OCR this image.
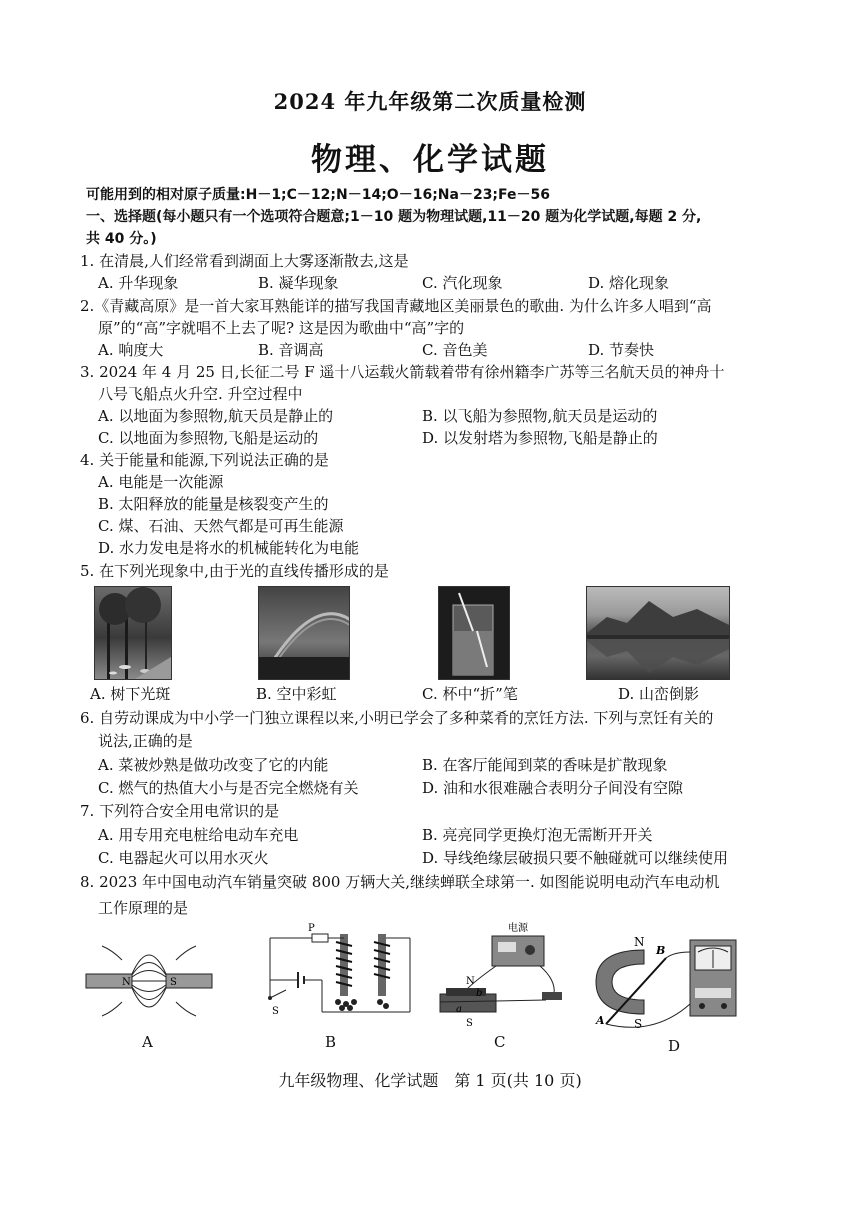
2024 年九年级第二次质量检测
物理、化学试题
可能用到的相对原子质量:H－1;C－12;N－14;O－16;Na－23;Fe－56
一、选择题(每小题只有一个选项符合题意;1－10 题为物理试题,11－20 题为化学试题,每题 2 分,
共 40 分。)
1. 在清晨,人们经常看到湖面上大雾逐渐散去,这是
A. 升华现象	B. 凝华现象	C. 汽化现象	D. 熔化现象
2.《青藏高原》是一首大家耳熟能详的描写我国青藏地区美丽景色的歌曲. 为什么许多人唱到“高
原”的“高”字就唱不上去了呢? 这是因为歌曲中“高”字的
A. 响度大	B. 音调高	C. 音色美	D. 节奏快
3. 2024 年 4 月 25 日,长征二号 F 遥十八运载火箭载着带有徐州籍李广苏等三名航天员的神舟十
八号飞船点火升空. 升空过程中
A. 以地面为参照物,航天员是静止的	B. 以飞船为参照物,航天员是运动的
C. 以地面为参照物,飞船是运动的	D. 以发射塔为参照物,飞船是静止的
4. 关于能量和能源,下列说法正确的是
A. 电能是一次能源
B. 太阳释放的能量是核裂变产生的
C. 煤、石油、天然气都是可再生能源
D. 水力发电是将水的机械能转化为电能
5. 在下列光现象中,由于光的直线传播形成的是
A. 树下光斑	B. 空中彩虹	C. 杯中“折”笔	D. 山峦倒影
6. 自劳动课成为中小学一门独立课程以来,小明已学会了多种菜肴的烹饪方法. 下列与烹饪有关的
说法,正确的是
A. 菜被炒熟是做功改变了它的内能	B. 在客厅能闻到菜的香味是扩散现象
C. 燃气的热值大小与是否完全燃烧有关	D. 油和水很难融合表明分子间没有空隙
7. 下列符合安全用电常识的是
A. 用专用充电桩给电动车充电	B. 亮亮同学更换灯泡无需断开开关
C. 电器起火可以用水灭火	D. 导线绝缘层破损只要不触碰就可以继续使用
8. 2023 年中国电动汽车销量突破 800 万辆大关,继续蝉联全球第一. 如图能说明电动汽车电动机
工作原理的是
N	S
A
P
S
B
电源
N
b
a
S
C
N
S
A
B
D
九年级物理、化学试题　第 1 页(共 10 页)
